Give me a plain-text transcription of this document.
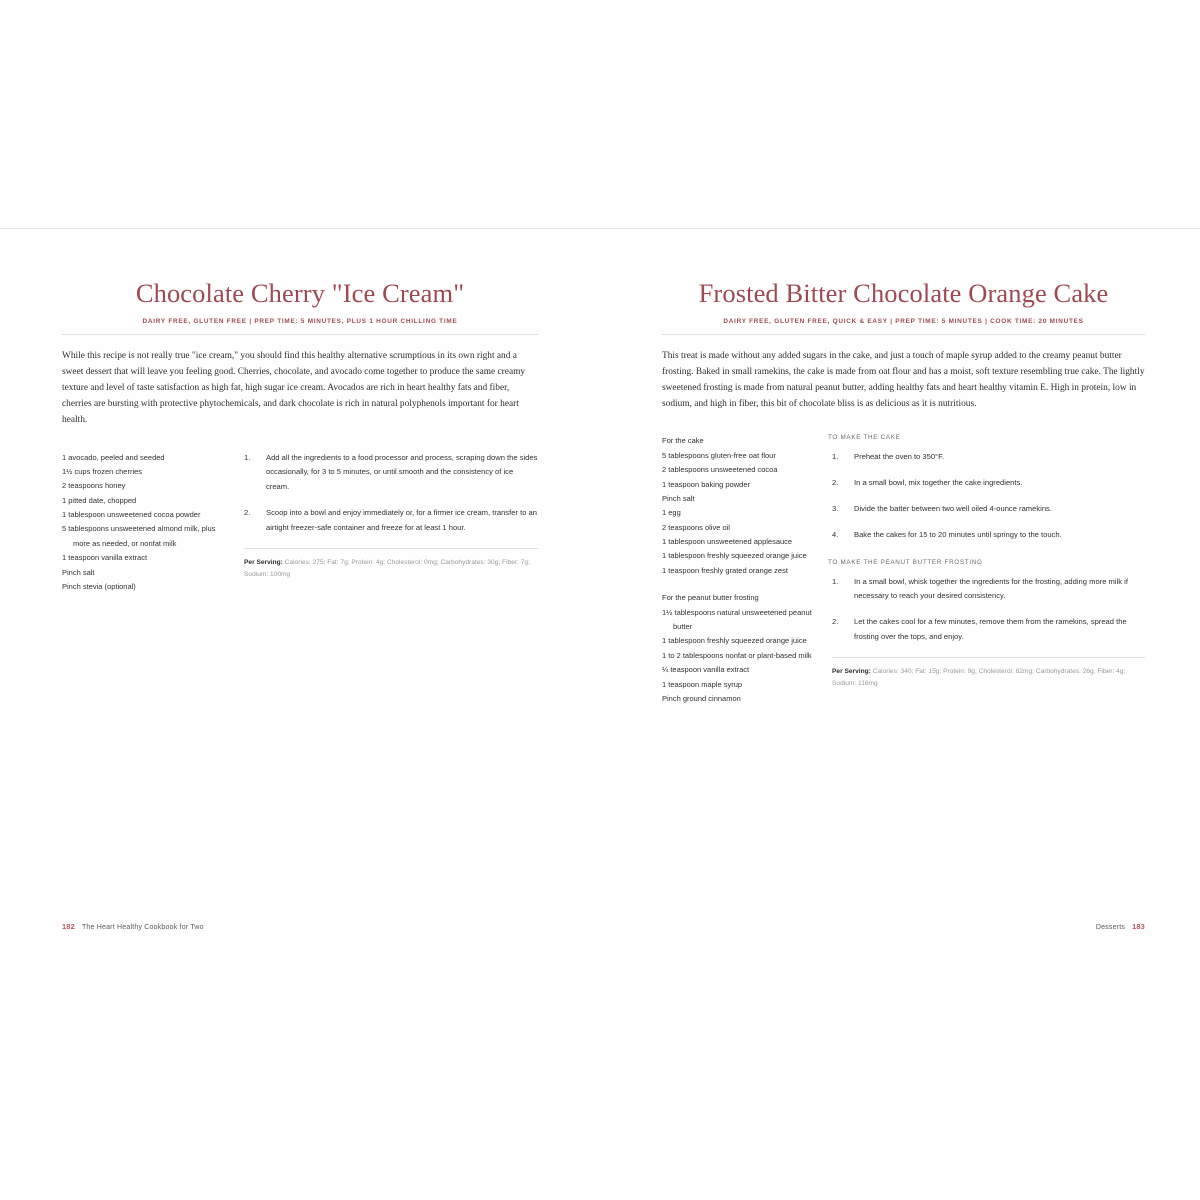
Chocolate Cherry "Ice Cream"
DAIRY FREE, GLUTEN FREE | PREP TIME: 5 MINUTES, PLUS 1 HOUR CHILLING TIME

While this recipe is not really true "ice cream," you should find this healthy alternative scrumptious in its own right and a sweet dessert that will leave you feeling good. Cherries, chocolate, and avocado come together to produce the same creamy texture and level of taste satisfaction as high fat, high sugar ice cream. Avocados are rich in heart healthy fats and fiber, cherries are bursting with protective phytochemicals, and dark chocolate is rich in natural polyphenols important for heart health.

1 avocado, peeled and seeded
1½ cups frozen cherries
2 teaspoons honey
1 pitted date, chopped
1 tablespoon unsweetened cocoa powder
5 tablespoons unsweetened almond milk, plus more as needed, or nonfat milk
1 teaspoon vanilla extract
Pinch salt
Pinch stevia (optional)
Add all the ingredients to a food processor and process, scraping down the sides occasionally, for 3 to 5 minutes, or until smooth and the consistency of ice cream.
Scoop into a bowl and enjoy immediately or, for a firmer ice cream, transfer to an airtight freezer-safe container and freeze for at least 1 hour.
Per Serving: Calories: 275; Fat: 7g; Protein: 4g; Cholesterol: 0mg; Carbohydrates: 30g; Fiber: 7g; Sodium: 100mg
182 The Heart Healthy Cookbook for Two
Frosted Bitter Chocolate Orange Cake
DAIRY FREE, GLUTEN FREE, QUICK & EASY | PREP TIME: 5 MINUTES | COOK TIME: 20 MINUTES

This treat is made without any added sugars in the cake, and just a touch of maple syrup added to the creamy peanut butter frosting. Baked in small ramekins, the cake is made from oat flour and has a moist, soft texture resembling true cake. The lightly sweetened frosting is made from natural peanut butter, adding healthy fats and heart healthy vitamin E. High in protein, low in sodium, and high in fiber, this bit of chocolate bliss is as delicious as it is nutritious.

For the cake
5 tablespoons gluten-free oat flour
2 tablespoons unsweetened cocoa
1 teaspoon baking powder
Pinch salt
1 egg
2 teaspoons olive oil
1 tablespoon unsweetened applesauce
1 tablespoon freshly squeezed orange juice
1 teaspoon freshly grated orange zest
For the peanut butter frosting
1½ tablespoons natural unsweetened peanut butter
1 tablespoon freshly squeezed orange juice
1 to 2 tablespoons nonfat or plant-based milk
¼ teaspoon vanilla extract
1 teaspoon maple syrup
Pinch ground cinnamon
TO MAKE THE CAKE
Preheat the oven to 350°F.
In a small bowl, mix together the cake ingredients.
Divide the batter between two well oiled 4-ounce ramekins.
Bake the cakes for 15 to 20 minutes until springy to the touch.
TO MAKE THE PEANUT BUTTER FROSTING
In a small bowl, whisk together the ingredients for the frosting, adding more milk if necessary to reach your desired consistency.
Let the cakes cool for a few minutes, remove them from the ramekins, spread the frosting over the tops, and enjoy.
Per Serving: Calories: 340; Fat: 15g; Protein: 9g; Cholesterol: 82mg; Carbohydrates: 26g; Fiber: 4g; Sodium: 116mg
Desserts 183
